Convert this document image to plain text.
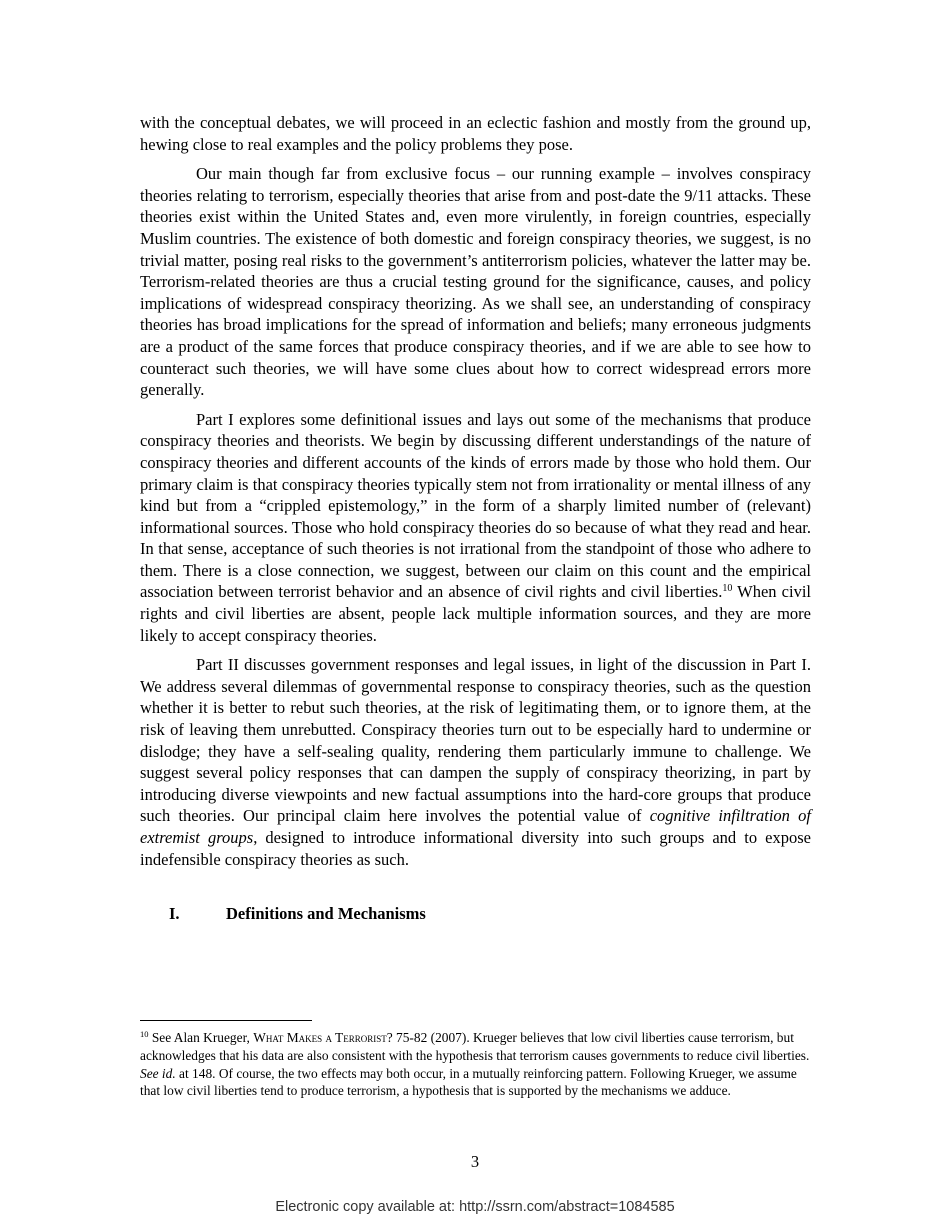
with the conceptual debates, we will proceed in an eclectic fashion and mostly from the ground up, hewing close to real examples and the policy problems they pose.

Our main though far from exclusive focus – our running example – involves conspiracy theories relating to terrorism, especially theories that arise from and post-date the 9/11 attacks. These theories exist within the United States and, even more virulently, in foreign countries, especially Muslim countries. The existence of both domestic and foreign conspiracy theories, we suggest, is no trivial matter, posing real risks to the government’s antiterrorism policies, whatever the latter may be. Terrorism-related theories are thus a crucial testing ground for the significance, causes, and policy implications of widespread conspiracy theorizing. As we shall see, an understanding of conspiracy theories has broad implications for the spread of information and beliefs; many erroneous judgments are a product of the same forces that produce conspiracy theories, and if we are able to see how to counteract such theories, we will have some clues about how to correct widespread errors more generally.

Part I explores some definitional issues and lays out some of the mechanisms that produce conspiracy theories and theorists. We begin by discussing different understandings of the nature of conspiracy theories and different accounts of the kinds of errors made by those who hold them. Our primary claim is that conspiracy theories typically stem not from irrationality or mental illness of any kind but from a “crippled epistemology,” in the form of a sharply limited number of (relevant) informational sources. Those who hold conspiracy theories do so because of what they read and hear. In that sense, acceptance of such theories is not irrational from the standpoint of those who adhere to them. There is a close connection, we suggest, between our claim on this count and the empirical association between terrorist behavior and an absence of civil rights and civil liberties.$^{10}$ When civil rights and civil liberties are absent, people lack multiple information sources, and they are more likely to accept conspiracy theories.

Part II discusses government responses and legal issues, in light of the discussion in Part I. We address several dilemmas of governmental response to conspiracy theories, such as the question whether it is better to rebut such theories, at the risk of legitimating them, or to ignore them, at the risk of leaving them unrebutted. Conspiracy theories turn out to be especially hard to undermine or dislodge; they have a self-sealing quality, rendering them particularly immune to challenge. We suggest several policy responses that can dampen the supply of conspiracy theorizing, in part by introducing diverse viewpoints and new factual assumptions into the hard-core groups that produce such theories. Our principal claim here involves the potential value of cognitive infiltration of extremist groups, designed to introduce informational diversity into such groups and to expose indefensible conspiracy theories as such.

I.	Definitions and Mechanisms
$^{10}$ See Alan Krueger, What Makes a Terrorist? 75-82 (2007). Krueger believes that low civil liberties cause terrorism, but acknowledges that his data are also consistent with the hypothesis that terrorism causes governments to reduce civil liberties. See id. at 148. Of course, the two effects may both occur, in a mutually reinforcing pattern. Following Krueger, we assume that low civil liberties tend to produce terrorism, a hypothesis that is supported by the mechanisms we adduce.
3
Electronic copy available at: http://ssrn.com/abstract=1084585
